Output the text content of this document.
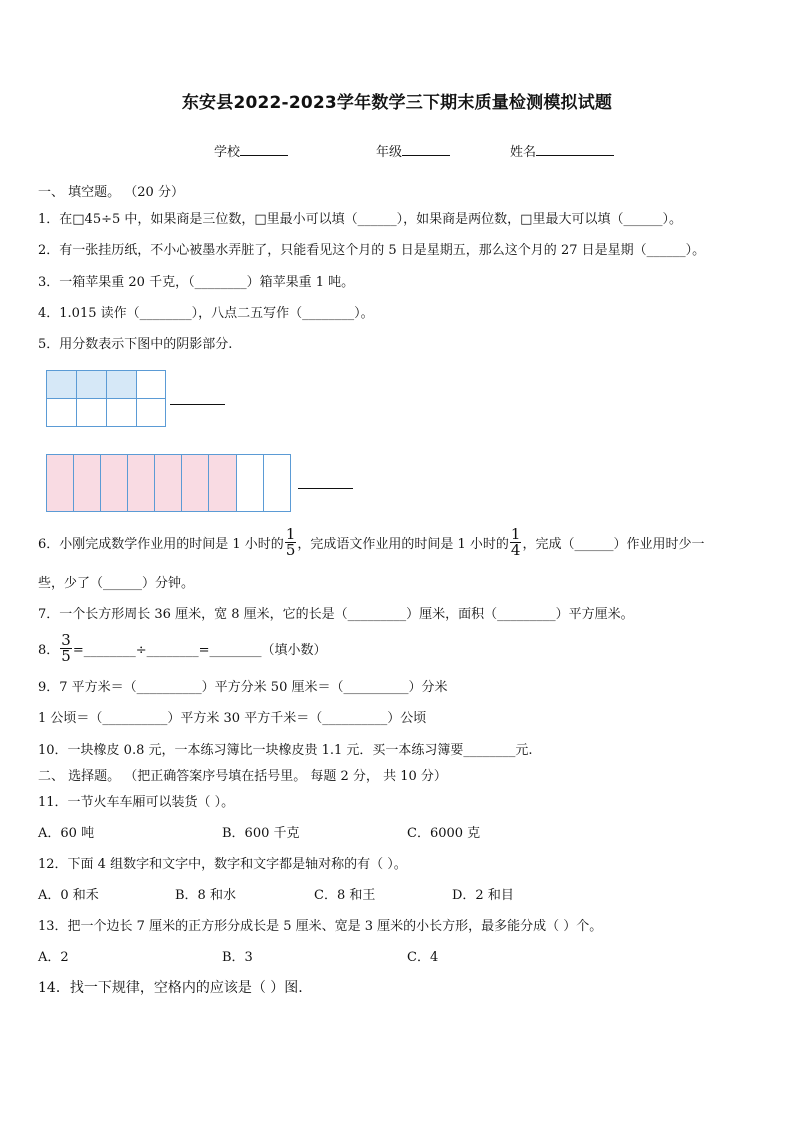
东安县2022-2023学年数学三下期末质量检测模拟试题
学校	年级	姓名
一、 填空题。 （20 分）
1．在□45÷5 中，如果商是三位数，□里最小可以填（______），如果商是两位数，□里最大可以填（______）。
2．有一张挂历纸，不小心被墨水弄脏了，只能看见这个月的 5 日是星期五，那么这个月的 27 日是星期（______）。
3．一箱苹果重 20 千克，（________）箱苹果重 1 吨。
4．1.015 读作（________），八点二五写作（________）。
5．用分数表示下图中的阴影部分.
6．小刚完成数学作业用的时间是 1 小时的 $\frac{1}{5}$ ，完成语文作业用的时间是 1 小时的 $\frac{1}{4}$ ，完成（______）作业用时少一
些，少了（______）分钟。
7．一个长方形周长 36 厘米，宽 8 厘米，它的长是（_________）厘米，面积（_________）平方厘米。
8． $\frac{3}{5}$ =________÷________=________（填小数）
9．7 平方米＝（__________）平方分米 50 厘米＝（__________）分米
1 公顷＝（__________）平方米 30 平方千米＝（__________）公顷
10．一块橡皮 0.8 元，一本练习簿比一块橡皮贵 1.1 元．买一本练习簿要________元.
二、 选择题。 （把正确答案序号填在括号里。 每题 2 分， 共 10 分）
11．一节火车车厢可以装货（ ）。
A．60 吨	B．600 千克	C．6000 克
12．下面 4 组数字和文字中，数字和文字都是轴对称的有（ ）。
A．0 和禾	B．8 和水	C．8 和王	D．2 和目
13．把一个边长 7 厘米的正方形分成长是 5 厘米、宽是 3 厘米的小长方形，最多能分成（ ）个。
A．2	B．3	C．4
14．找一下规律，空格内的应该是（ ）图.
